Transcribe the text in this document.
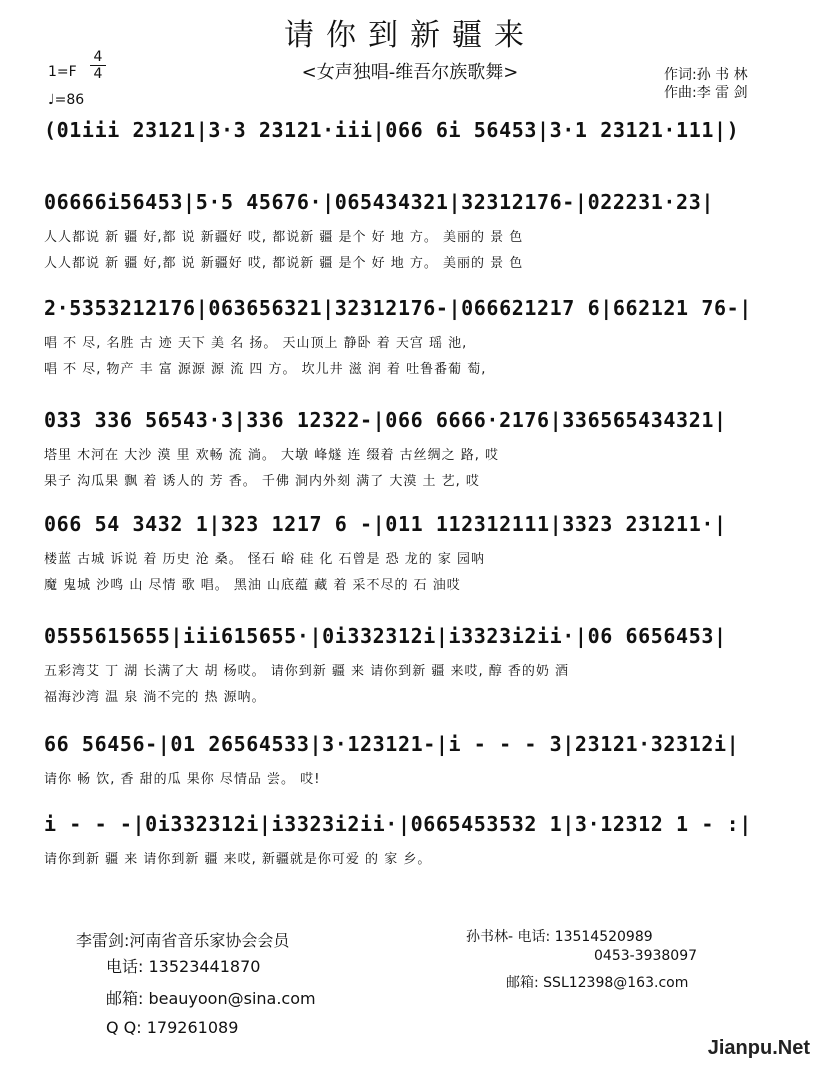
请你到新疆来
<女声独唱-维吾尔族歌舞>
1=F
4
4
♩=86
作词:孙 书 林
作曲:李 雷 剑
(01iii 23121|3·3 23121·iii|066 6i 56453|3·1 23121·111|)
06666i56453|5·5 45676·|065434321|32312176-|022231·23|
人人都说 新 疆 好,都 说 新疆好 哎, 都说新 疆 是个 好 地 方。 美丽的 景 色
人人都说 新 疆 好,都 说 新疆好 哎, 都说新 疆 是个 好 地 方。 美丽的 景 色
2·5353212176|063656321|32312176-|066621217 6|662121 76-|
唱 不 尽, 名胜 古 迹 天下 美 名 扬。 天山顶上 静卧 着 天宫 瑶 池,
唱 不 尽, 物产 丰 富 源源 源 流 四 方。 坎儿井 滋 润 着 吐鲁番葡 萄,
033 336 56543·3|336 12322-|066 6666·2176|336565434321|
塔里 木河在 大沙 漠 里 欢畅 流 淌。 大墩 峰燧 连 缀着 古丝绸之 路, 哎
果子 沟瓜果 飘 着 诱人的 芳 香。 千佛 洞内外刻 满了 大漠 土 艺, 哎
066 54 3432 1|323 1217 6 -|011 112312111|3323 231211·|
楼蓝 古城 诉说 着 历史 沧 桑。 怪石 峪 硅 化 石曾是 恐 龙的 家 园呐
魔 鬼城 沙鸣 山 尽情 歌 唱。 黑油 山底蕴 藏 着 采不尽的 石 油哎
0555615655|iii615655·|0i332312i|i3323i2ii·|06 6656453|
五彩湾艾 丁 湖 长满了大 胡 杨哎。 请你到新 疆 来 请你到新 疆 来哎, 醇 香的奶 酒
福海沙湾 温 泉 淌不完的 热 源呐。
66 56456-|01 26564533|3·123121-|i - - - 3|23121·32312i|
请你 畅 饮, 香 甜的瓜 果你 尽情品 尝。 哎!
i - - -|0i332312i|i3323i2ii·|0665453532 1|3·12312 1 - :|
请你到新 疆 来 请你到新 疆 来哎, 新疆就是你可爱 的 家 乡。
李雷剑:河南省音乐家协会会员
电话: 13523441870
邮箱: beauyoon@sina.com
Q Q: 179261089
孙书林- 电话: 13514520989
0453-3938097
邮箱: SSL12398@163.com
Jianpu.Net
